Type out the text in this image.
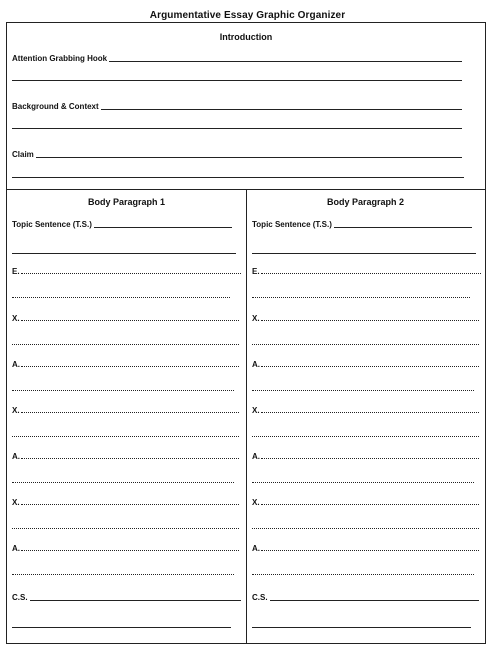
Argumentative Essay Graphic Organizer
Introduction
Attention Grabbing Hook
Background & Context
Claim
Body Paragraph 1
Topic Sentence (T.S.)
E.
X.
A.
X.
A.
X.
A.
C.S.
Body Paragraph 2
Topic Sentence (T.S.)
E.
X.
A.
X.
A.
X.
A.
C.S.
